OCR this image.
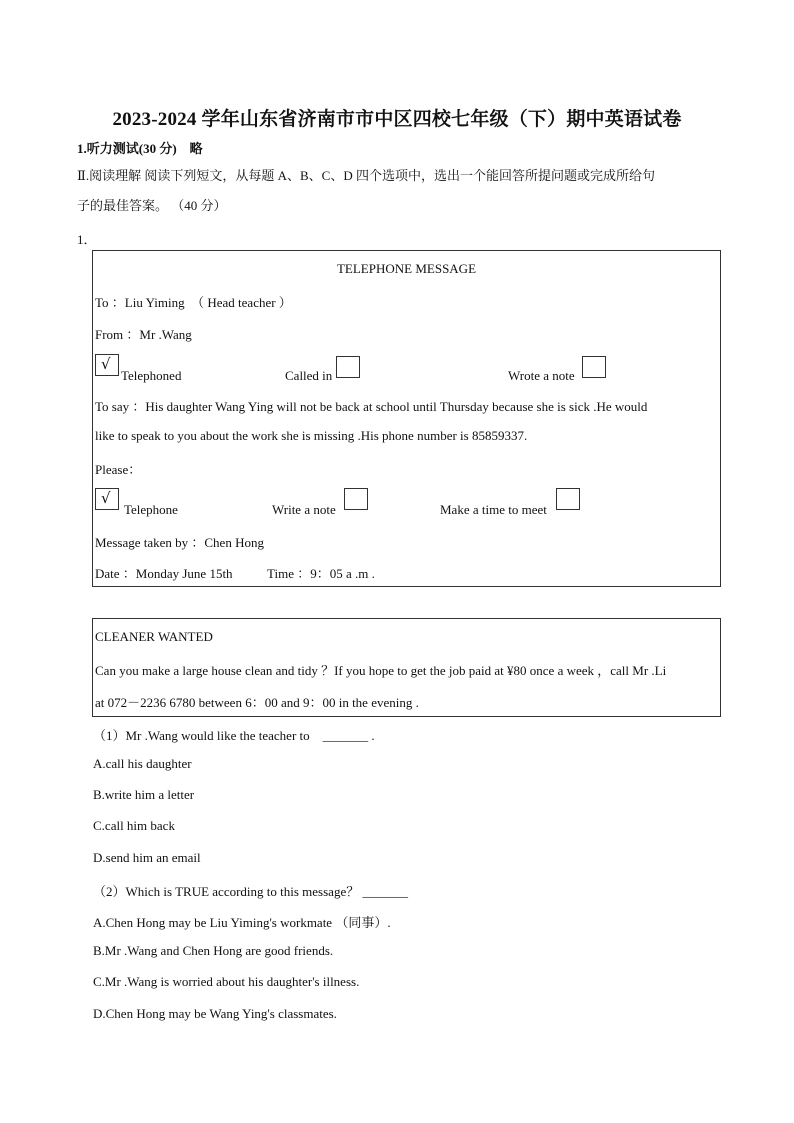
2023-2024 学年山东省济南市市中区四校七年级（下）期中英语试卷
1.听力测试(30 分)　略
Ⅱ.阅读理解 阅读下列短文，从每题 A、B、C、D 四个选项中，选出一个能回答所提问题或完成所给句
子的最佳答案。 （40 分）
1．
TELEPHONE MESSAGE
To ：Liu Yiming　（ Head teacher ）
From ：Mr .Wang
√
Telephoned	Called in	Wrote a note
To say ：His daughter Wang Ying will not be back at school until Thursday because she is sick .He would
like to speak to you about the work she is missing .His phone number is 85859337.
Please：
√
Telephone	Write a note	Make a time to meet
Message taken by ：Chen Hong
Date ：Monday June 15th	Time ：9：05 a .m .
CLEANER WANTED
Can you make a large house clean and tidy ？If you hope to get the job paid at ¥80 once a week ，call Mr .Li
at 072－2236 6780 between 6：00 and 9：00 in the evening .
（1）Mr .Wang would like the teacher to　_______ .
A.call his daughter
B.write him a letter
C.call him back
D.send him an email
（2）Which is TRUE according to this message？ _______
A.Chen Hong may be Liu Yiming's workmate （同事）.
B.Mr .Wang and Chen Hong are good friends.
C.Mr .Wang is worried about his daughter's illness.
D.Chen Hong may be Wang Ying's classmates.
